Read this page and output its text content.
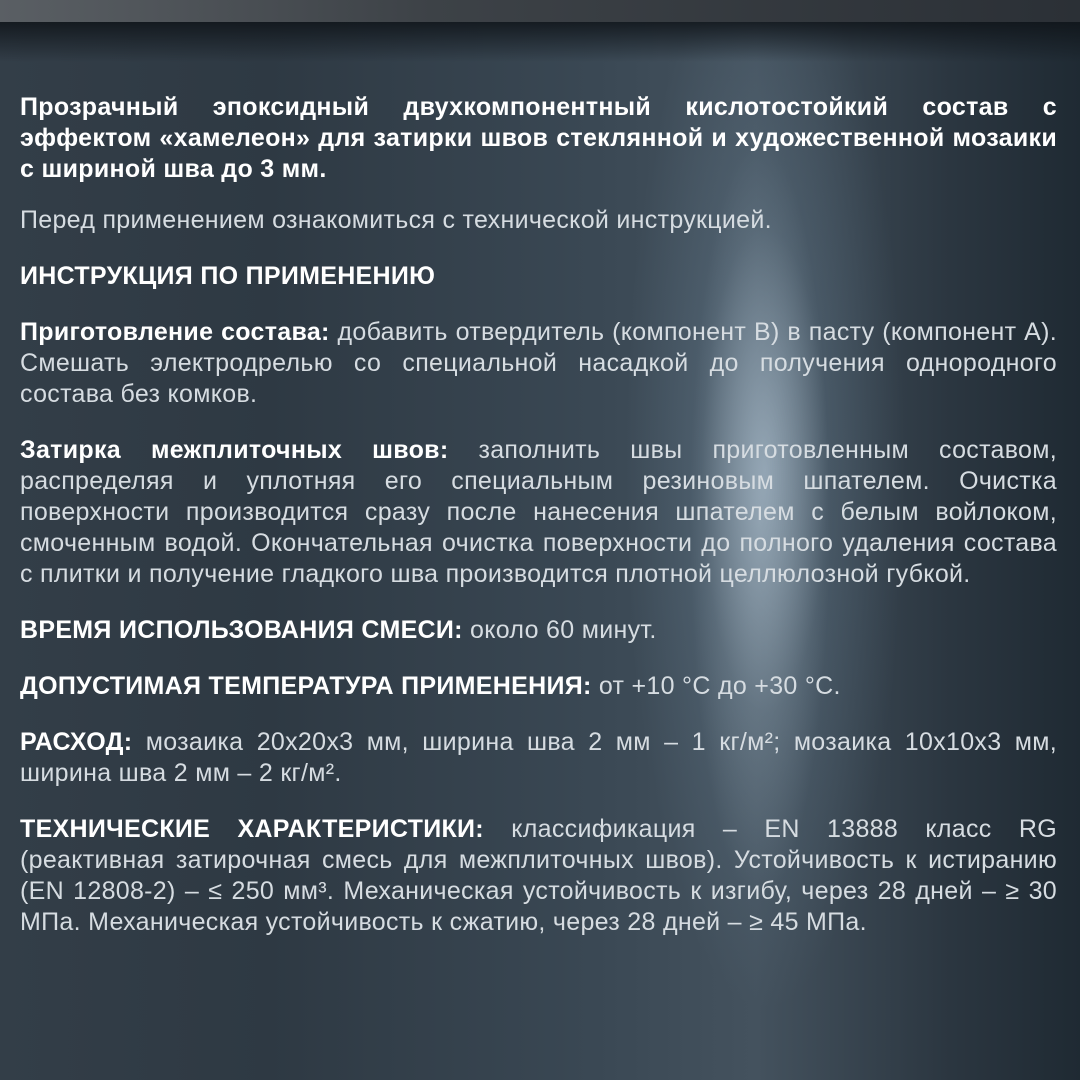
Прозрачный эпоксидный двухкомпонентный кислотостойкий состав с эффектом «хамелеон» для затирки швов стеклянной и художественной мозаики с шириной шва до 3 мм.

Перед применением ознакомиться с технической инструкцией.

ИНСТРУКЦИЯ ПО ПРИМЕНЕНИЮ

Приготовление состава: добавить отвердитель (компонент B) в пасту (компонент A). Смешать электродрелью со специальной насадкой до получения однородного состава без комков.

Затирка межплиточных швов: заполнить швы приготовленным составом, распределяя и уплотняя его специальным резиновым шпателем. Очистка поверхности производится сразу после нанесения шпателем с белым войлоком, смоченным водой. Окончательная очистка поверхности до полного удаления состава с плитки и получение гладкого шва производится плотной целлюлозной губкой.

ВРЕМЯ ИСПОЛЬЗОВАНИЯ СМЕСИ: около 60 минут.

ДОПУСТИМАЯ ТЕМПЕРАТУРА ПРИМЕНЕНИЯ: от +10 °С до +30 °С.

РАСХОД: мозаика 20x20x3 мм, ширина шва 2 мм – 1 кг/м²; мозаика 10x10x3 мм, ширина шва 2 мм – 2 кг/м².

ТЕХНИЧЕСКИЕ ХАРАКТЕРИСТИКИ: классификация – EN 13888 класс RG (реактивная затирочная смесь для межплиточных швов). Устойчивость к истиранию (EN 12808-2) – ≤ 250 мм³. Механическая устойчивость к изгибу, через 28 дней – ≥ 30 МПа. Механическая устойчивость к сжатию, через 28 дней – ≥ 45 МПа.
